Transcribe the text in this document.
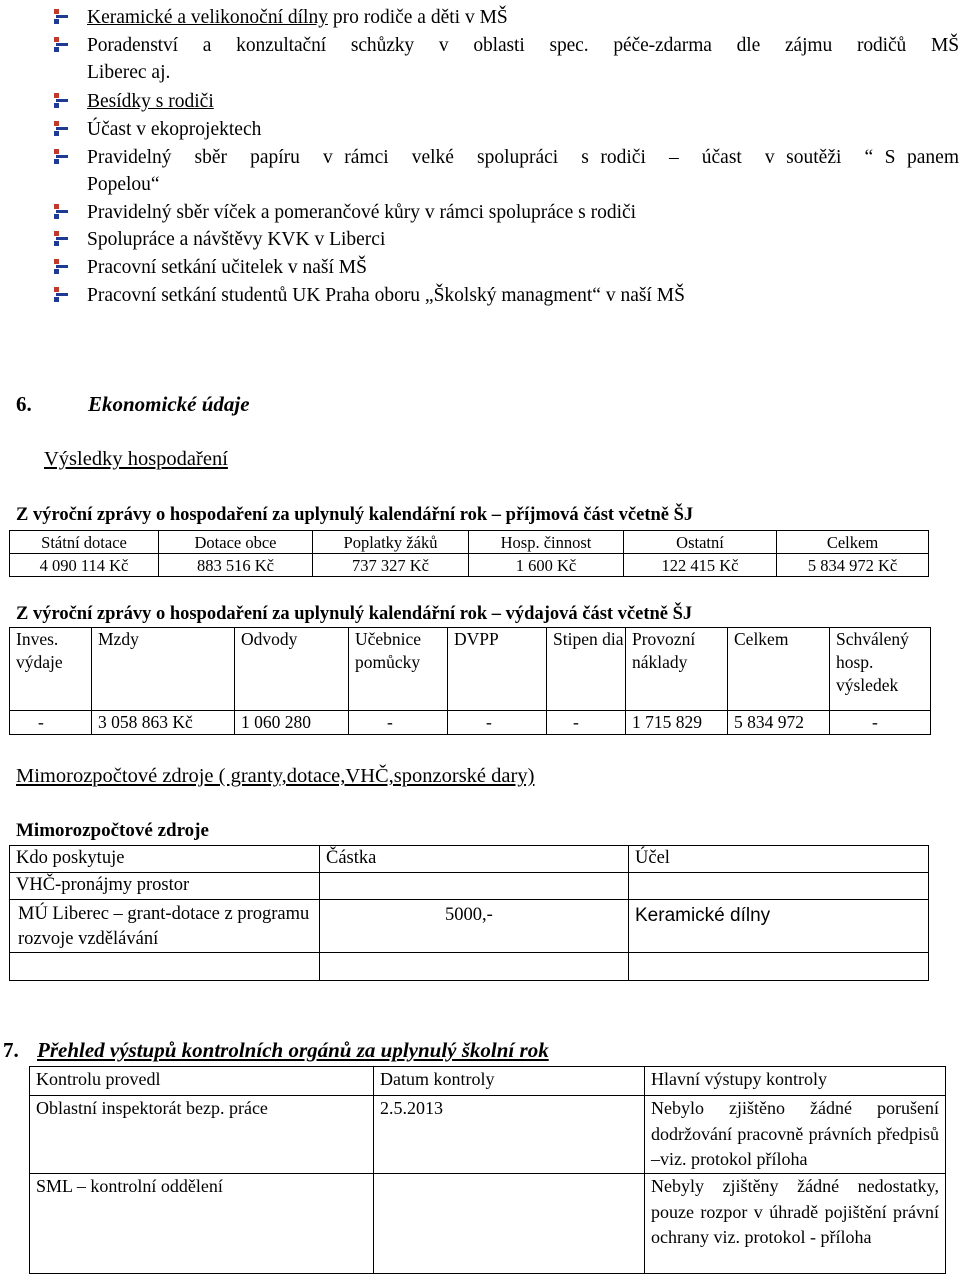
Keramické a velikonoční dílny pro rodiče a děti v MŠ
Poradenství a konzultační schůzky v oblasti spec. péče-zdarma dle zájmu rodičů MŠ
Liberec aj.
Besídky s rodiči
Účast v ekoprojektech
Pravidelný  sběr  papíru  v rámci  velké  spolupráci  s rodiči  –  účast  v soutěži  “ S panem
Popelou“
Pravidelný sběr víček a pomerančové kůry v rámci spolupráce s rodiči
Spolupráce a návštěvy KVK v Liberci
Pracovní setkání učitelek v naší MŠ
Pracovní setkání studentů UK Praha oboru „Školský managment“ v naší MŠ
6.	Ekonomické údaje
Výsledky hospodaření
Z výroční zprávy o hospodaření za uplynulý kalendářní rok – příjmová část včetně ŠJ
Státní dotace	Dotace obce	Poplatky žáků	Hosp. činnost	Ostatní	Celkem
4 090 114 Kč	883 516 Kč	737 327 Kč	1 600 Kč	122 415 Kč	5 834 972 Kč
Z výroční zprávy o hospodaření za uplynulý kalendářní rok – výdajová část včetně ŠJ
Inves. výdaje	Mzdy	Odvody	Učebnice pomůcky	DVPP	Stipen dia	Provozní náklady	Celkem	Schválený hosp. výsledek
-	3 058 863 Kč	1 060 280	-	-	-	1 715 829	5 834 972	-
Mimorozpočtové zdroje ( granty,dotace,VHČ,sponzorské dary)
Mimorozpočtové zdroje
Kdo poskytuje	Částka	Účel
VHČ-pronájmy prostor		
MÚ Liberec – grant-dotace z programu rozvoje vzdělávání	5000,-	Keramické dílny

7. Přehled výstupů kontrolních orgánů za uplynulý školní rok
Kontrolu provedl	Datum kontroly	Hlavní výstupy kontroly
Oblastní inspektorát bezp. práce	2.5.2013	Nebylo zjištěno žádné porušení dodržování pracovně právních předpisů –viz. protokol příloha
SML – kontrolní oddělení		Nebyly zjištěny žádné nedostatky, pouze rozpor v úhradě pojištění právní ochrany viz. protokol - příloha
